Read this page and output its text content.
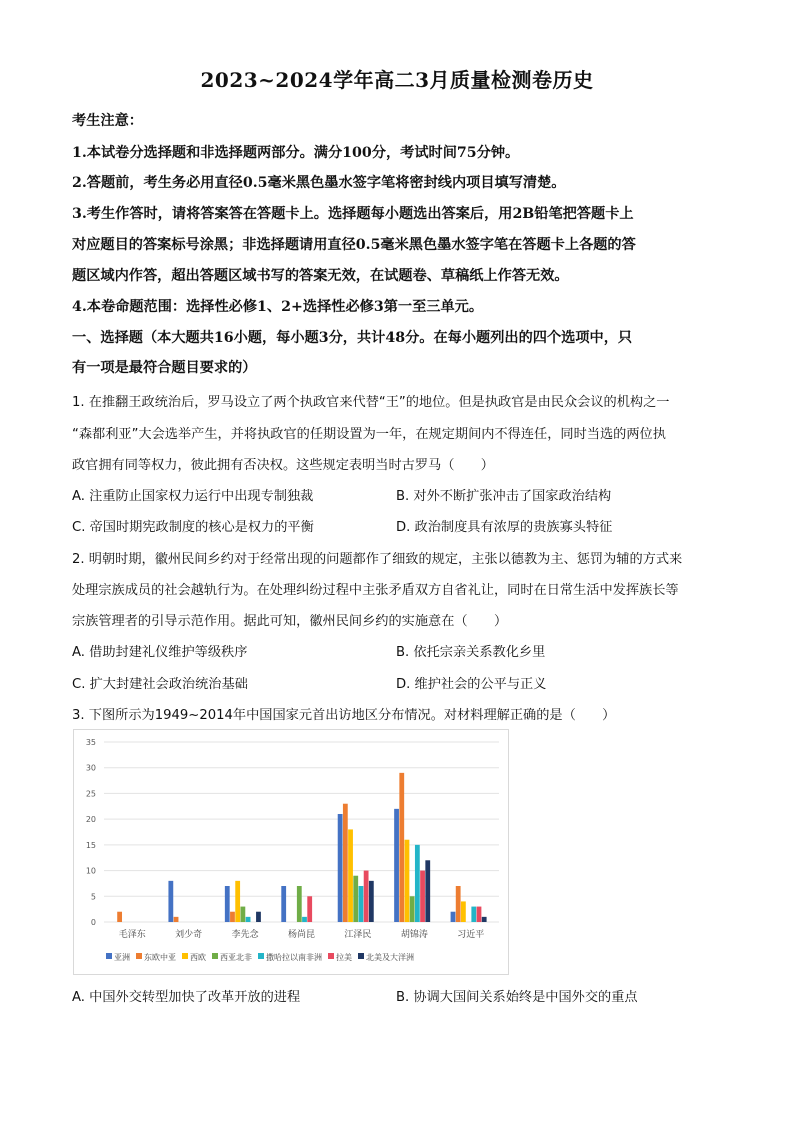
2023~2024学年高二3月质量检测卷历史
考生注意：
1.本试卷分选择题和非选择题两部分。满分100分，考试时间75分钟。
2.答题前，考生务必用直径0.5毫米黑色墨水签字笔将密封线内项目填写清楚。
3.考生作答时，请将答案答在答题卡上。选择题每小题选出答案后，用2B铅笔把答题卡上
对应题目的答案标号涂黑；非选择题请用直径0.5毫米黑色墨水签字笔在答题卡上各题的答
题区域内作答，超出答题区域书写的答案无效，在试题卷、草稿纸上作答无效。
4.本卷命题范围：选择性必修1、2+选择性必修3第一至三单元。
一、选择题（本大题共16小题，每小题3分，共计48分。在每小题列出的四个选项中，只
有一项是最符合题目要求的）
1. 在推翻王政统治后，罗马设立了两个执政官来代替“王”的地位。但是执政官是由民众会议的机构之一
“森都利亚”大会选举产生，并将执政官的任期设置为一年，在规定期间内不得连任，同时当选的两位执
政官拥有同等权力，彼此拥有否决权。这些规定表明当时古罗马（　　）
A. 注重防止国家权力运行中出现专制独裁	B. 对外不断扩张冲击了国家政治结构
C. 帝国时期宪政制度的核心是权力的平衡	D. 政治制度具有浓厚的贵族寡头特征
2. 明朝时期，徽州民间乡约对于经常出现的问题都作了细致的规定，主张以德教为主、惩罚为辅的方式来
处理宗族成员的社会越轨行为。在处理纠纷过程中主张矛盾双方自省礼让，同时在日常生活中发挥族长等
宗族管理者的引导示范作用。据此可知，徽州民间乡约的实施意在（　　）
A. 借助封建礼仪维护等级秩序	B. 依托宗亲关系教化乡里
C. 扩大封建社会政治统治基础	D. 维护社会的公平与正义
3. 下图所示为1949~2014年中国国家元首出访地区分布情况。对材料理解正确的是（　　）
0
5
10
15
20
25
30
35
毛泽东	刘少奇	李先念	杨尚昆	江泽民	胡锦涛	习近平
亚洲 东欧中亚 西欧 西亚北非 撒哈拉以南非洲 拉美 北美及大洋洲
A. 中国外交转型加快了改革开放的进程	B. 协调大国间关系始终是中国外交的重点
